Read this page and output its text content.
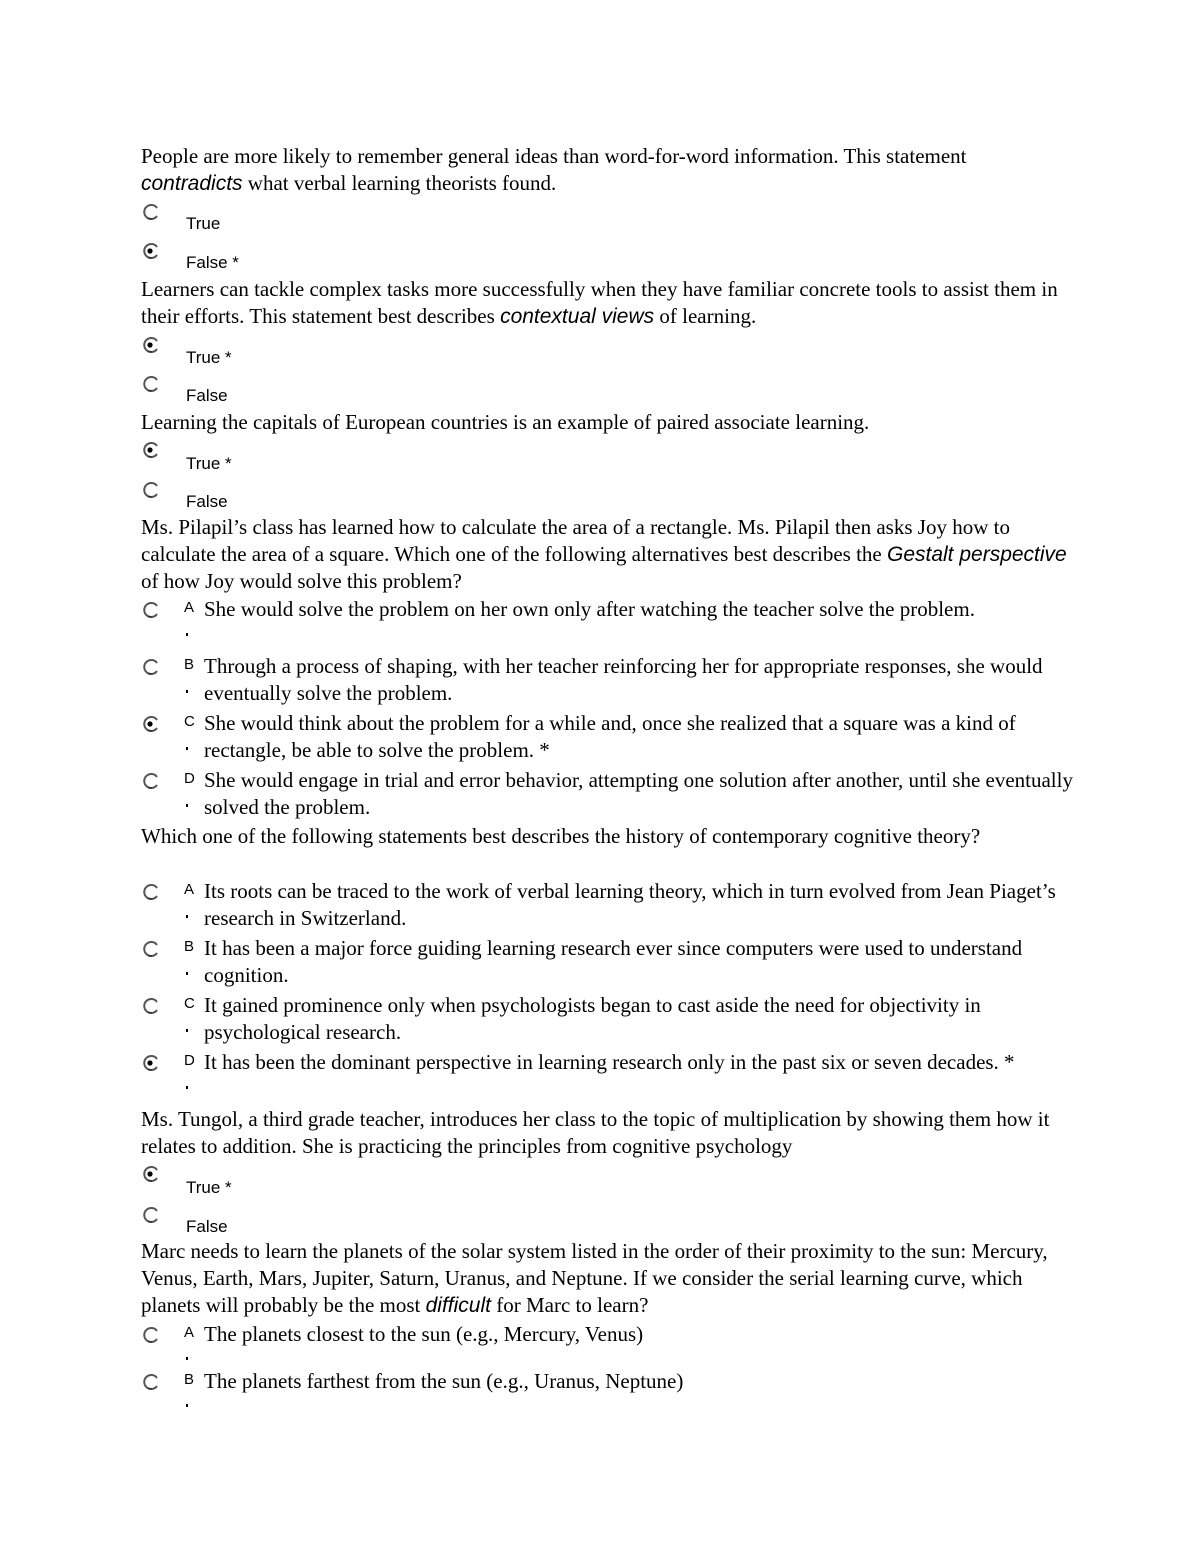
People are more likely to remember general ideas than word-for-word information. This statement contradicts what verbal learning theorists found.

True
False *

Learners can tackle complex tasks more successfully when they have familiar concrete tools to assist them in their efforts. This statement best describes contextual views of learning.

True *
False

Learning the capitals of European countries is an example of paired associate learning.

True *
False

Ms. Pilapil’s class has learned how to calculate the area of a rectangle. Ms. Pilapil then asks Joy how to calculate the area of a square. Which one of the following alternatives best describes the Gestalt perspective of how Joy would solve this problem?

A She would solve the problem on her own only after watching the teacher solve the problem.

B Through a process of shaping, with her teacher reinforcing her for appropriate responses, she would eventually solve the problem.

C She would think about the problem for a while and, once she realized that a square was a kind of rectangle, be able to solve the problem. *

D She would engage in trial and error behavior, attempting one solution after another, until she eventually solved the problem.

Which one of the following statements best describes the history of contemporary cognitive theory?

A Its roots can be traced to the work of verbal learning theory, which in turn evolved from Jean Piaget’s research in Switzerland.

B It has been a major force guiding learning research ever since computers were used to understand cognition.

C It gained prominence only when psychologists began to cast aside the need for objectivity in psychological research.

D It has been the dominant perspective in learning research only in the past six or seven decades. *

Ms. Tungol, a third grade teacher, introduces her class to the topic of multiplication by showing them how it relates to addition. She is practicing the principles from cognitive psychology

True *
False

Marc needs to learn the planets of the solar system listed in the order of their proximity to the sun: Mercury, Venus, Earth, Mars, Jupiter, Saturn, Uranus, and Neptune. If we consider the serial learning curve, which planets will probably be the most difficult for Marc to learn?

A The planets closest to the sun (e.g., Mercury, Venus)

B The planets farthest from the sun (e.g., Uranus, Neptune)
